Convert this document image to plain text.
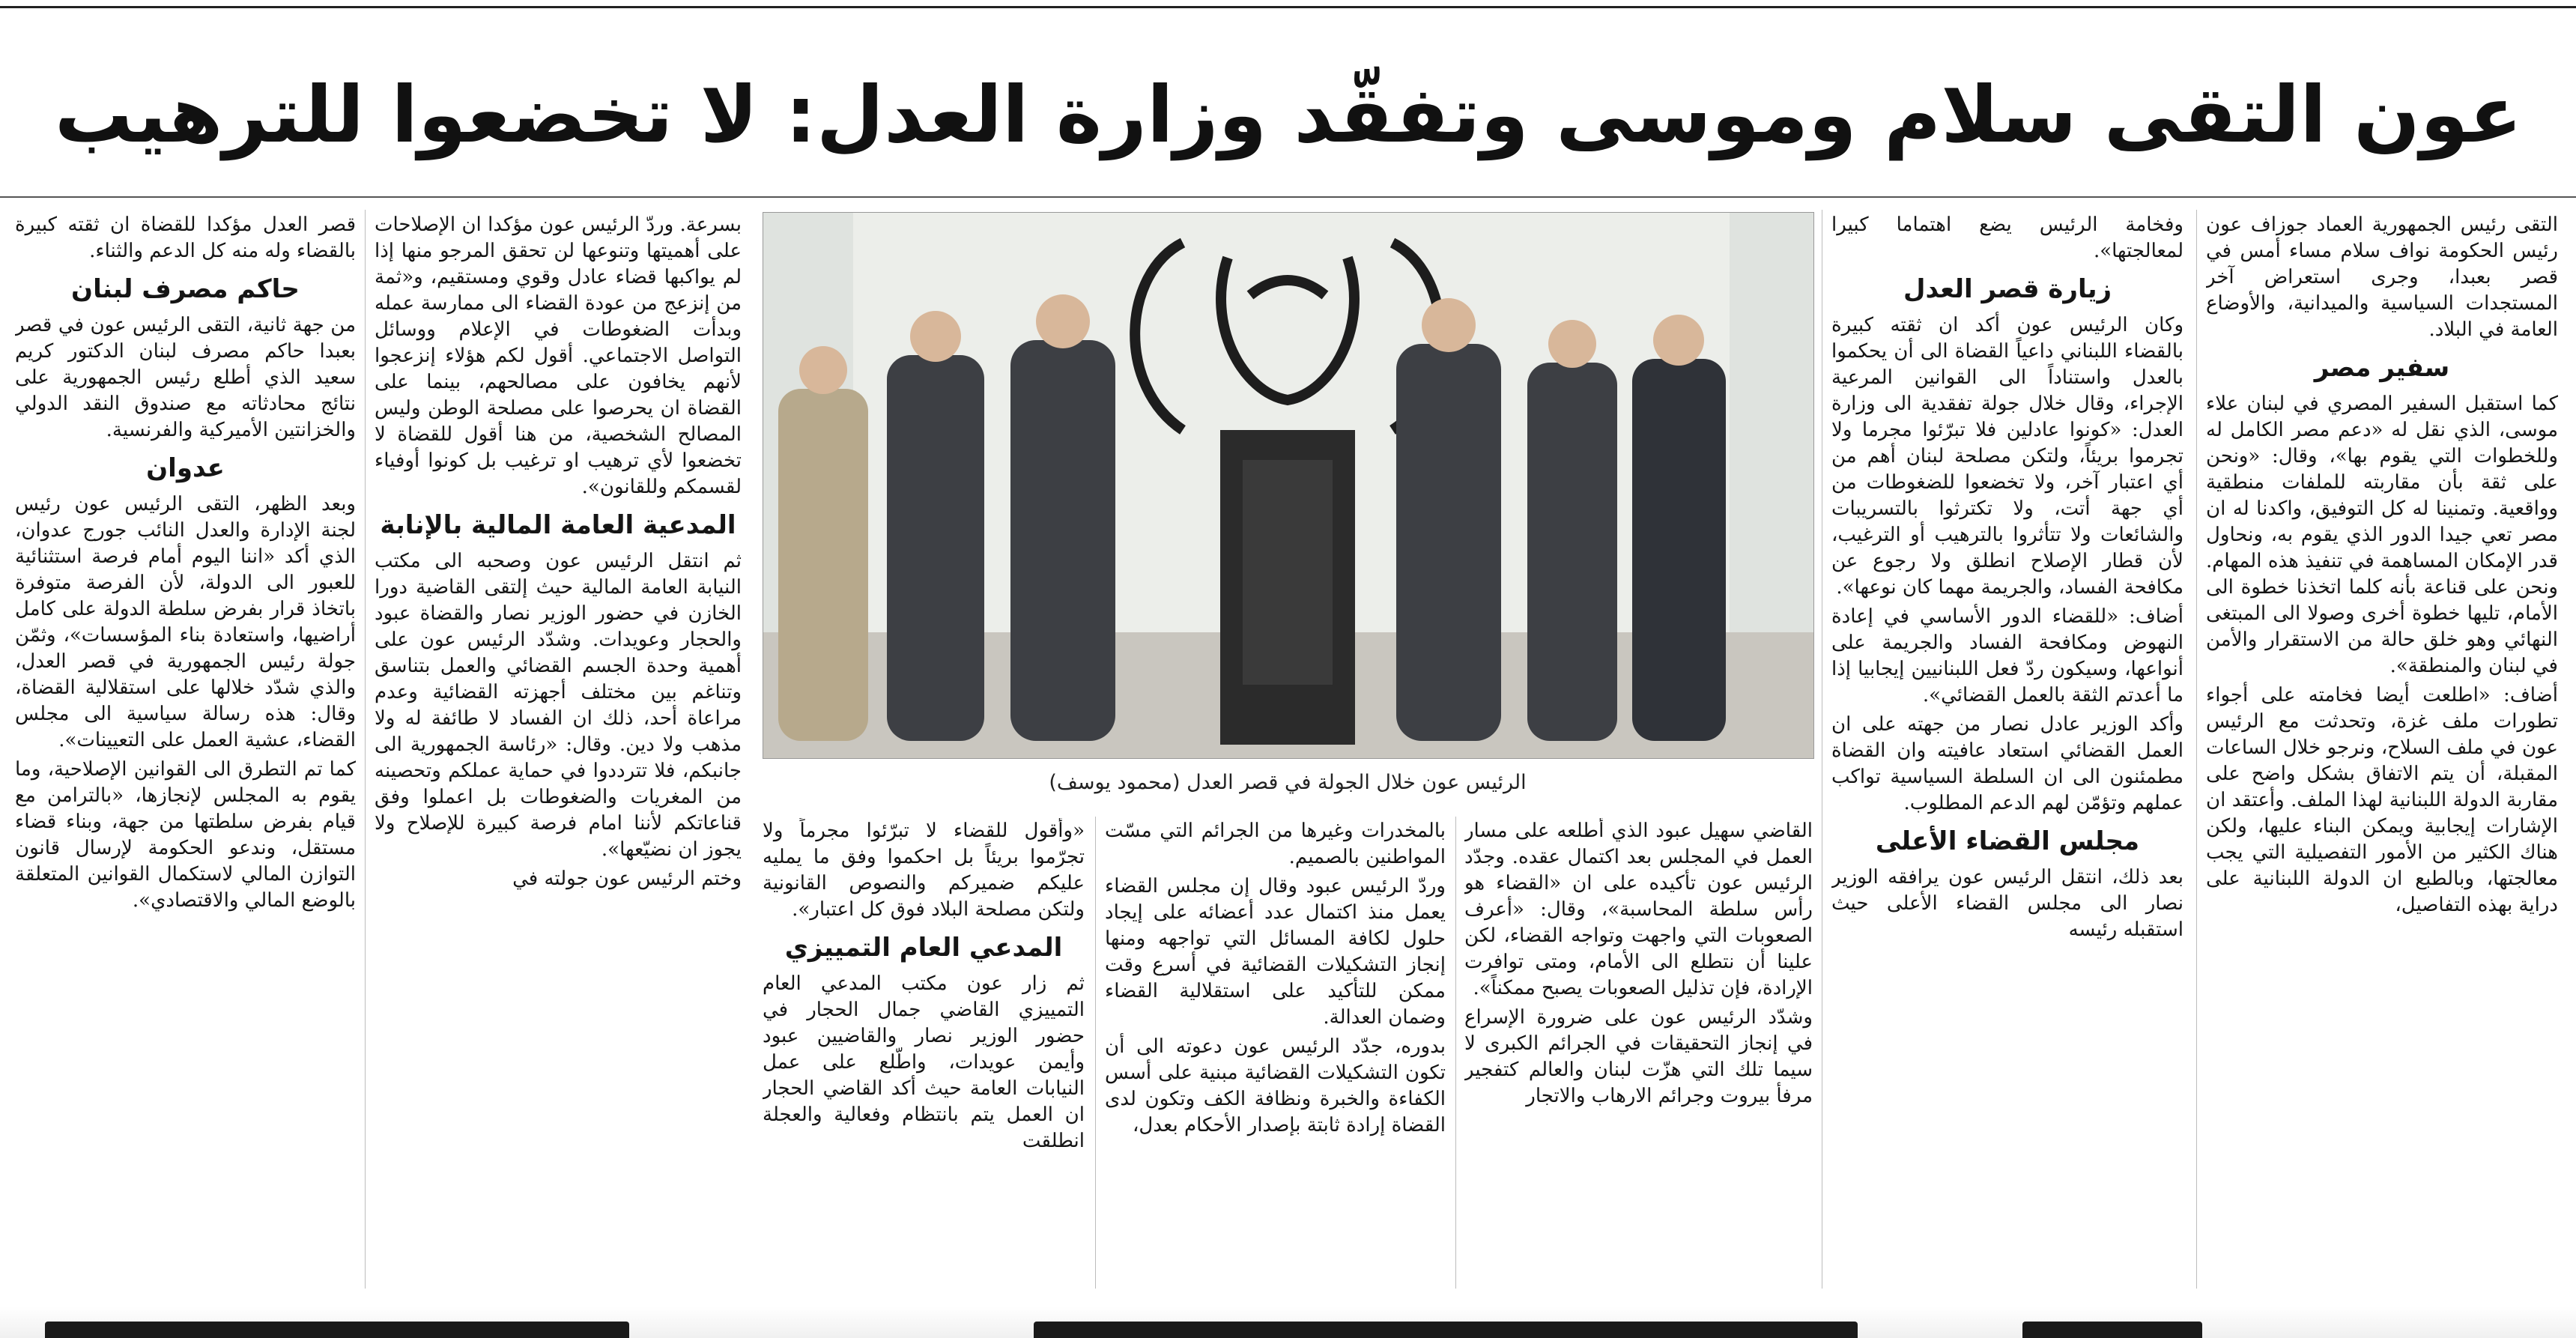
عون التقى سلام وموسى وتفقّد وزارة العدل: لا تخضعوا للترهيب

التقى رئيس الجمهورية العماد جوزاف عون رئيس الحكومة نواف سلام مساء أمس في قصر بعبدا، وجرى استعراض آخر المستجدات السياسية والميدانية، والأوضاع العامة في البلاد.

سفير مصر

كما استقبل السفير المصري في لبنان علاء موسى، الذي نقل له «دعم مصر الكامل له وللخطوات التي يقوم بها»، وقال: «ونحن على ثقة بأن مقاربته للملفات منطقية وواقعية. وتمنينا له كل التوفيق، واكدنا له ان مصر تعي جيدا الدور الذي يقوم به، ونحاول قدر الإمكان المساهمة في تنفيذ هذه المهام. ونحن على قناعة بأنه كلما اتخذنا خطوة الى الأمام، تليها خطوة أخرى وصولا الى المبتغى النهائي وهو خلق حالة من الاستقرار والأمن في لبنان والمنطقة».

أضاف: «اطلعت أيضا فخامته على أجواء تطورات ملف غزة، وتحدثت مع الرئيس عون في ملف السلاح، ونرجو خلال الساعات المقبلة، أن يتم الاتفاق بشكل واضح على مقاربة الدولة اللبنانية لهذا الملف. وأعتقد ان الإشارات إيجابية ويمكن البناء عليها، ولكن هناك الكثير من الأمور التفصيلية التي يجب معالجتها، وبالطبع ان الدولة اللبنانية على دراية بهذه التفاصيل،

وفخامة الرئيس يضع اهتماما كبيرا لمعالجتها».

زيارة قصر العدل

وكان الرئيس عون أكد ان ثقته كبيرة بالقضاء اللبناني داعياً القضاة الى أن يحكموا بالعدل واستناداً الى القوانين المرعية الإجراء، وقال خلال جولة تفقدية الى وزارة العدل: «كونوا عادلين فلا تبرّئوا مجرما ولا تجرموا بريئاً، ولتكن مصلحة لبنان أهم من أي اعتبار آخر، ولا تخضعوا للضغوطات من أي جهة أتت، ولا تكترثوا بالتسريبات والشائعات ولا تتأثروا بالترهيب أو الترغيب، لأن قطار الإصلاح انطلق ولا رجوع عن مكافحة الفساد، والجريمة مهما كان نوعها».

أضاف: «للقضاء الدور الأساسي في إعادة النهوض ومكافحة الفساد والجريمة على أنواعها، وسيكون ردّ فعل اللبنانيين إيجابيا إذا ما أعدتم الثقة بالعمل القضائي».

وأكد الوزير عادل نصار من جهته على ان العمل القضائي استعاد عافيته وان القضاة مطمئنون الى ان السلطة السياسية تواكب عملهم وتؤمّن لهم الدعم المطلوب.

مجلس القضاء الأعلى

بعد ذلك، انتقل الرئيس عون يرافقه الوزير نصار الى مجلس القضاء الأعلى حيث استقبله رئيسه

الرئيس عون خلال الجولة في قصر العدل (محمود يوسف)

القاضي سهيل عبود الذي أطلعه على مسار العمل في المجلس بعد اكتمال عقده. وجدّد الرئيس عون تأكيده على ان «القضاء هو رأس سلطة المحاسبة»، وقال: «أعرف الصعوبات التي واجهت وتواجه القضاء، لكن علينا أن نتطلع الى الأمام، ومتى توافرت الإرادة، فإن تذليل الصعوبات يصبح ممكناً».

وشدّد الرئيس عون على ضرورة الإسراع في إنجاز التحقيقات في الجرائم الكبرى لا سيما تلك التي هزّت لبنان والعالم كتفجير مرفأ بيروت وجرائم الارهاب والاتجار

بالمخدرات وغيرها من الجرائم التي مسّت المواطنين بالصميم.

وردّ الرئيس عبود وقال إن مجلس القضاء يعمل منذ اكتمال عدد أعضائه على إيجاد حلول لكافة المسائل التي تواجهه ومنها إنجاز التشكيلات القضائية في أسرع وقت ممكن للتأكيد على استقلالية القضاء وضمان العدالة.

بدوره، جدّد الرئيس عون دعوته الى أن تكون التشكيلات القضائية مبنية على أسس الكفاءة والخبرة ونظافة الكف وتكون لدى القضاة إرادة ثابتة بإصدار الأحكام بعدل،

«وأقول للقضاء لا تبرّئوا مجرماً ولا تجرّموا بريئاً بل احكموا وفق ما يمليه عليكم ضميركم والنصوص القانونية ولتكن مصلحة البلاد فوق كل اعتبار».

المدعي العام التمييزي

ثم زار عون مكتب المدعي العام التمييزي القاضي جمال الحجار في حضور الوزير نصار والقاضيين عبود وأيمن عويدات، واطّلع على عمل النيابات العامة حيث أكد القاضي الحجار ان العمل يتم بانتظام وفعالية والعجلة انطلقت

بسرعة. وردّ الرئيس عون مؤكدا ان الإصلاحات على أهميتها وتنوعها لن تحقق المرجو منها إذا لم يواكبها قضاء عادل وقوي ومستقيم، و«ثمة من إنزعج من عودة القضاء الى ممارسة عمله وبدأت الضغوطات في الإعلام ووسائل التواصل الاجتماعي. أقول لكم هؤلاء إنزعجوا لأنهم يخافون على مصالحهم، بينما على القضاة ان يحرصوا على مصلحة الوطن وليس المصالح الشخصية، من هنا أقول للقضاة لا تخضعوا لأي ترهيب او ترغيب بل كونوا أوفياء لقسمكم وللقانون».

المدعية العامة المالية بالإنابة

ثم انتقل الرئيس عون وصحبه الى مكتب النيابة العامة المالية حيث إلتقى القاضية دورا الخازن في حضور الوزير نصار والقضاة عبود والحجار وعويدات. وشدّد الرئيس عون على أهمية وحدة الجسم القضائي والعمل بتناسق وتناغم بين مختلف أجهزته القضائية وعدم مراعاة أحد، ذلك ان الفساد لا طائفة له ولا مذهب ولا دين. وقال: «رئاسة الجمهورية الى جانبكم، فلا تترددوا في حماية عملكم وتحصينه من المغريات والضغوطات بل اعملوا وفق قناعاتكم لأننا امام فرصة كبيرة للإصلاح ولا يجوز ان نضيّعها».

وختم الرئيس عون جولته في

قصر العدل مؤكدا للقضاة ان ثقته كبيرة بالقضاء وله منه كل الدعم والثناء.

حاكم مصرف لبنان

من جهة ثانية، التقى الرئيس عون في قصر بعبدا حاكم مصرف لبنان الدكتور كريم سعيد الذي أطلع رئيس الجمهورية على نتائج محادثاته مع صندوق النقد الدولي والخزانتين الأميركية والفرنسية.

عدوان

وبعد الظهر، التقى الرئيس عون رئيس لجنة الإدارة والعدل النائب جورج عدوان، الذي أكد «اننا اليوم أمام فرصة استثنائية للعبور الى الدولة، لأن الفرصة متوفرة باتخاذ قرار بفرض سلطة الدولة على كامل أراضيها، واستعادة بناء المؤسسات»، وثمّن جولة رئيس الجمهورية في قصر العدل، والذي شدّد خلالها على استقلالية القضاة، وقال: هذه رسالة سياسية الى مجلس القضاء، عشية العمل على التعيينات».

كما تم التطرق الى القوانين الإصلاحية، وما يقوم به المجلس لإنجازها، «بالترامن مع قيام بفرض سلطتها من جهة، وبناء قضاء مستقل، وندعو الحكومة لإرسال قانون التوازن المالي لاستكمال القوانين المتعلقة بالوضع المالي والاقتصادي».
